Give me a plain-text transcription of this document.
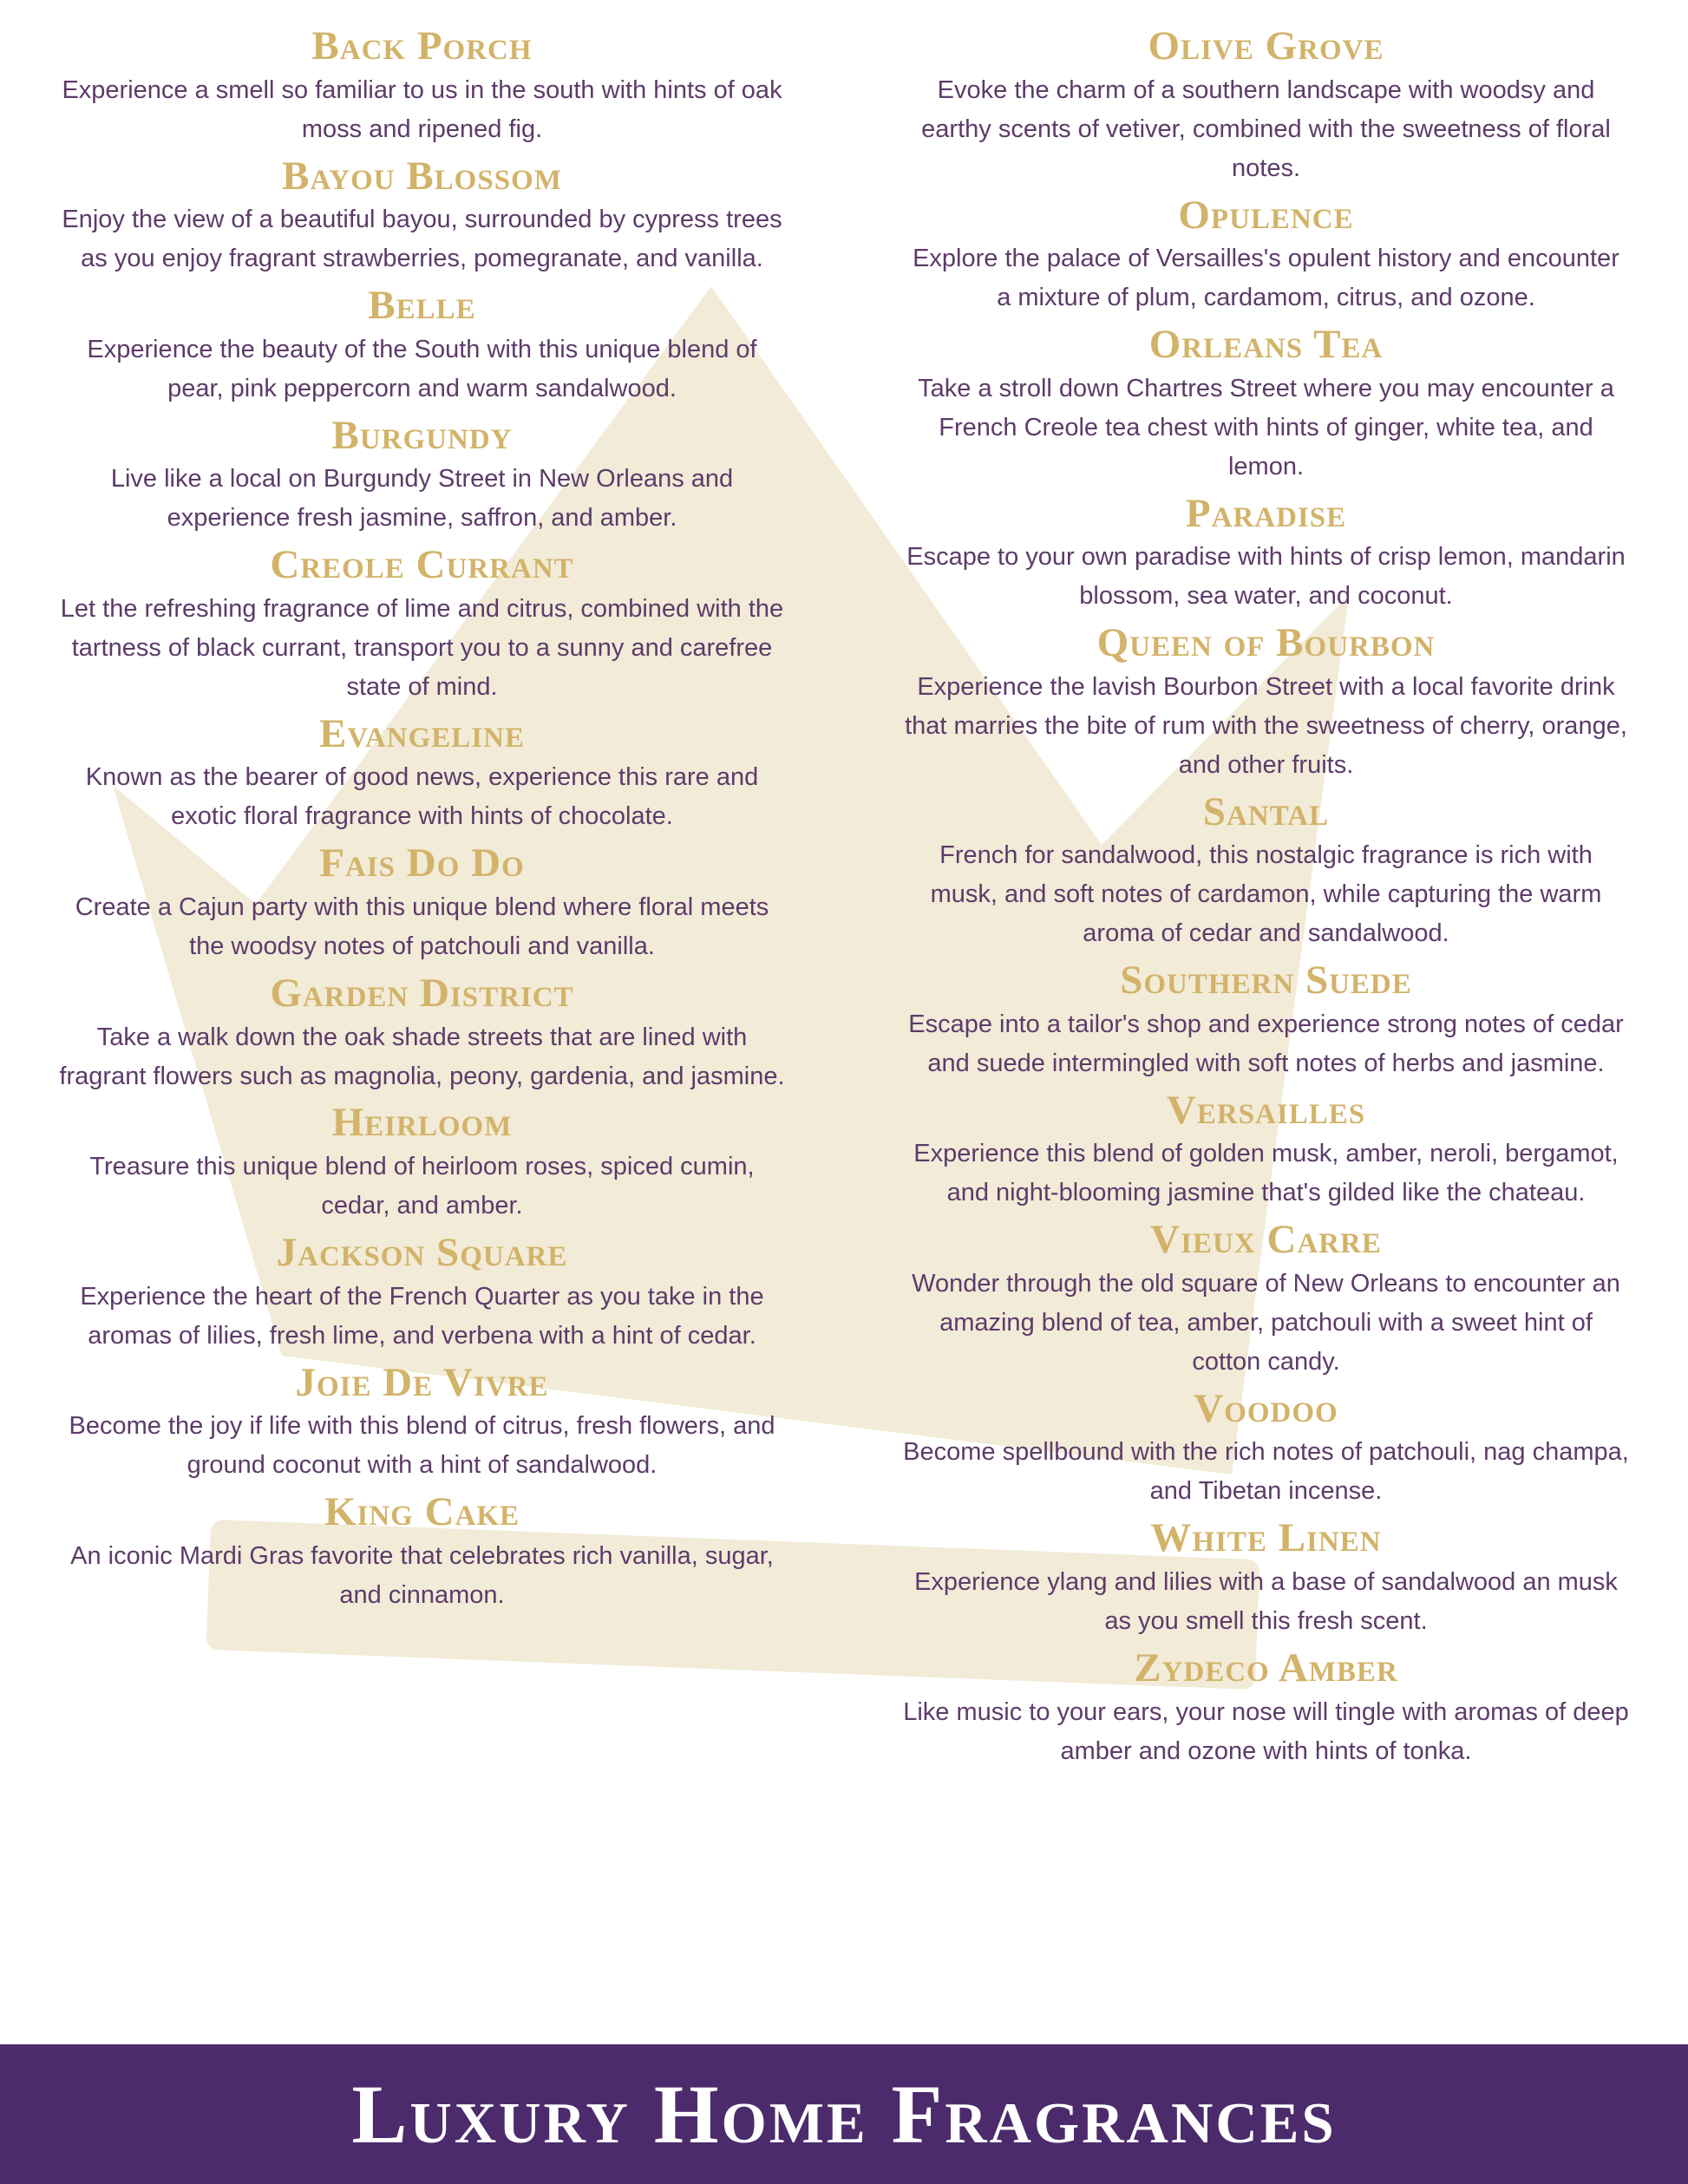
Back Porch

Experience a smell so familiar to us in the south with hints of oak moss and ripened fig.

Bayou Blossom

Enjoy the view of a beautiful bayou, surrounded by cypress trees as you enjoy fragrant strawberries, pomegranate, and vanilla.

Belle

Experience the beauty of the South with this unique blend of pear, pink peppercorn and warm sandalwood.

Burgundy

Live like a local on Burgundy Street in New Orleans and experience fresh jasmine, saffron, and amber.

Creole Currant

Let the refreshing fragrance of lime and citrus, combined with the tartness of black currant, transport you to a sunny and carefree state of mind.

Evangeline

Known as the bearer of good news, experience this rare and exotic floral fragrance with hints of chocolate.

Fais Do Do

Create a Cajun party with this unique blend where floral meets the woodsy notes of patchouli and vanilla.

Garden District

Take a walk down the oak shade streets that are lined with fragrant flowers such as magnolia, peony, gardenia, and jasmine.

Heirloom

Treasure this unique blend of heirloom roses, spiced cumin, cedar, and amber.

Jackson Square

Experience the heart of the French Quarter as you take in the aromas of lilies, fresh lime, and verbena with a hint of cedar.

Joie De Vivre

Become the joy if life with this blend of citrus, fresh flowers, and ground coconut with a hint of sandalwood.

King Cake

An iconic Mardi Gras favorite that celebrates rich vanilla, sugar, and cinnamon.

Olive Grove

Evoke the charm of a southern landscape with woodsy and earthy scents of vetiver, combined with the sweetness of floral notes.

Opulence

Explore the palace of Versailles's opulent history and encounter a mixture of plum, cardamom, citrus, and ozone.

Orleans Tea

Take a stroll down Chartres Street where you may encounter a French Creole tea chest with hints of ginger, white tea, and lemon.

Paradise

Escape to your own paradise with hints of crisp lemon, mandarin blossom, sea water, and coconut.

Queen of Bourbon

Experience the lavish Bourbon Street with a local favorite drink that marries the bite of rum with the sweetness of cherry, orange, and other fruits.

Santal

French for sandalwood, this nostalgic fragrance is rich with musk, and soft notes of cardamon, while capturing the warm aroma of cedar and sandalwood.

Southern Suede

Escape into a tailor's shop and experience strong notes of cedar and suede intermingled with soft notes of herbs and jasmine.

Versailles

Experience this blend of golden musk, amber, neroli, bergamot, and night-blooming jasmine that's gilded like the chateau.

Vieux Carre

Wonder through the old square of New Orleans to encounter an amazing blend of tea, amber, patchouli with a sweet hint of cotton candy.

Voodoo

Become spellbound with the rich notes of patchouli, nag champa, and Tibetan incense.

White Linen

Experience ylang and lilies with a base of sandalwood an musk as you smell this fresh scent.

Zydeco Amber

Like music to your ears, your nose will tingle with aromas of deep amber and ozone with hints of tonka.

Luxury Home Fragrances
